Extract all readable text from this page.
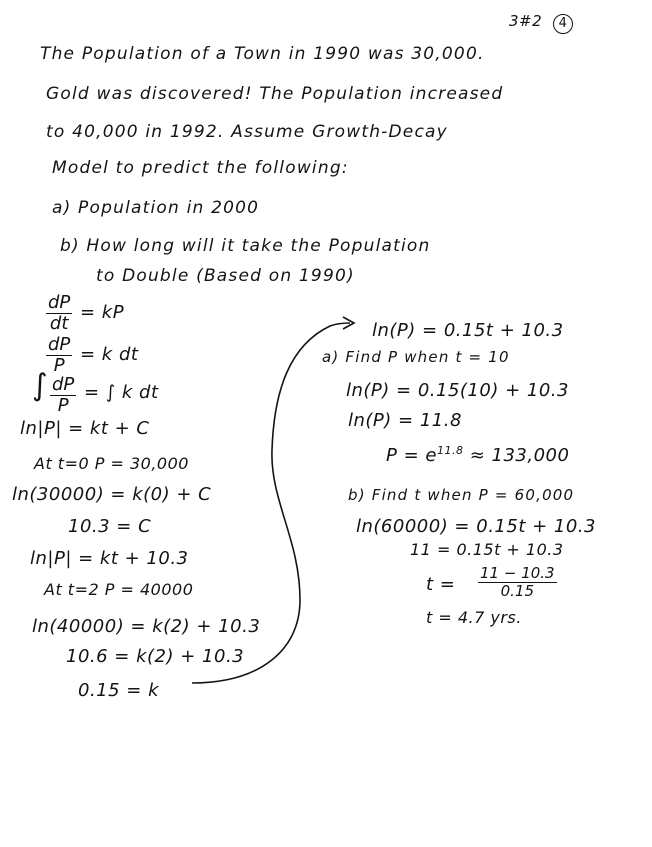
3#2	4
The Population of a Town in 1990 was 30,000.
Gold was discovered! The Population increased
to 40,000 in 1992. Assume Growth-Decay
Model to predict the following:
a) Population in 2000
b) How long will it take the Population
to Double (Based on 1990)
$\frac{dP}{dt}$ = kP
$\frac{dP}{P} = k$ dt
∫ $\frac{dP}{P}$ = ∫ k dt
ln|P| = kt + C
At t=0 P = 30,000
ln(30000) = k(0) + C
10.3 = C
ln|P| = kt + 10.3
At t=2 P = 40000
ln(40000) = k(2) + 10.3
10.6 = k(2) + 10.3
0.15 = k
ln(P) = 0.15t + 10.3
a) Find P when t = 10
ln(P) = 0.15(10) + 10.3
ln(P) = 11.8
$P = e^{11.8} \approx 133,000$
b) Find t when P = 60,000
ln(60000) = 0.15t + 10.3
11 = 0.15t + 10.3
$t = \frac{11 - 10.3}{0.15}$
t = 4.7 yrs.
